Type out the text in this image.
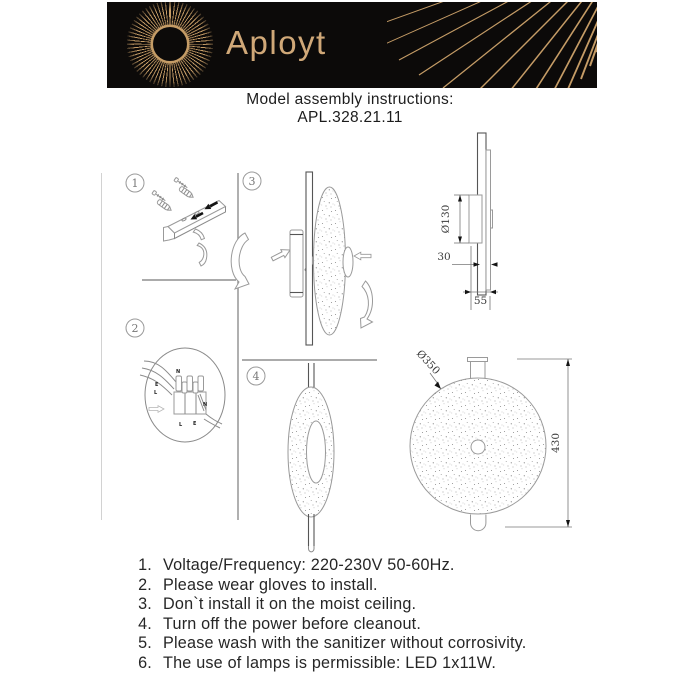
Aployt
Model assembly instructions:
APL.328.21.11
1
2
3
4
N
E
L
N
L E
Ø130
30
55
Ø350
430
1. Voltage/Frequency: 220-230V 50-60Hz.
2. Please wear gloves to install.
3. Don`t install it on the moist ceiling.
4. Turn off the power before cleanout.
5. Please wash with the sanitizer without corrosivity.
6. The use of lamps is permissible: LED 1x11W.
